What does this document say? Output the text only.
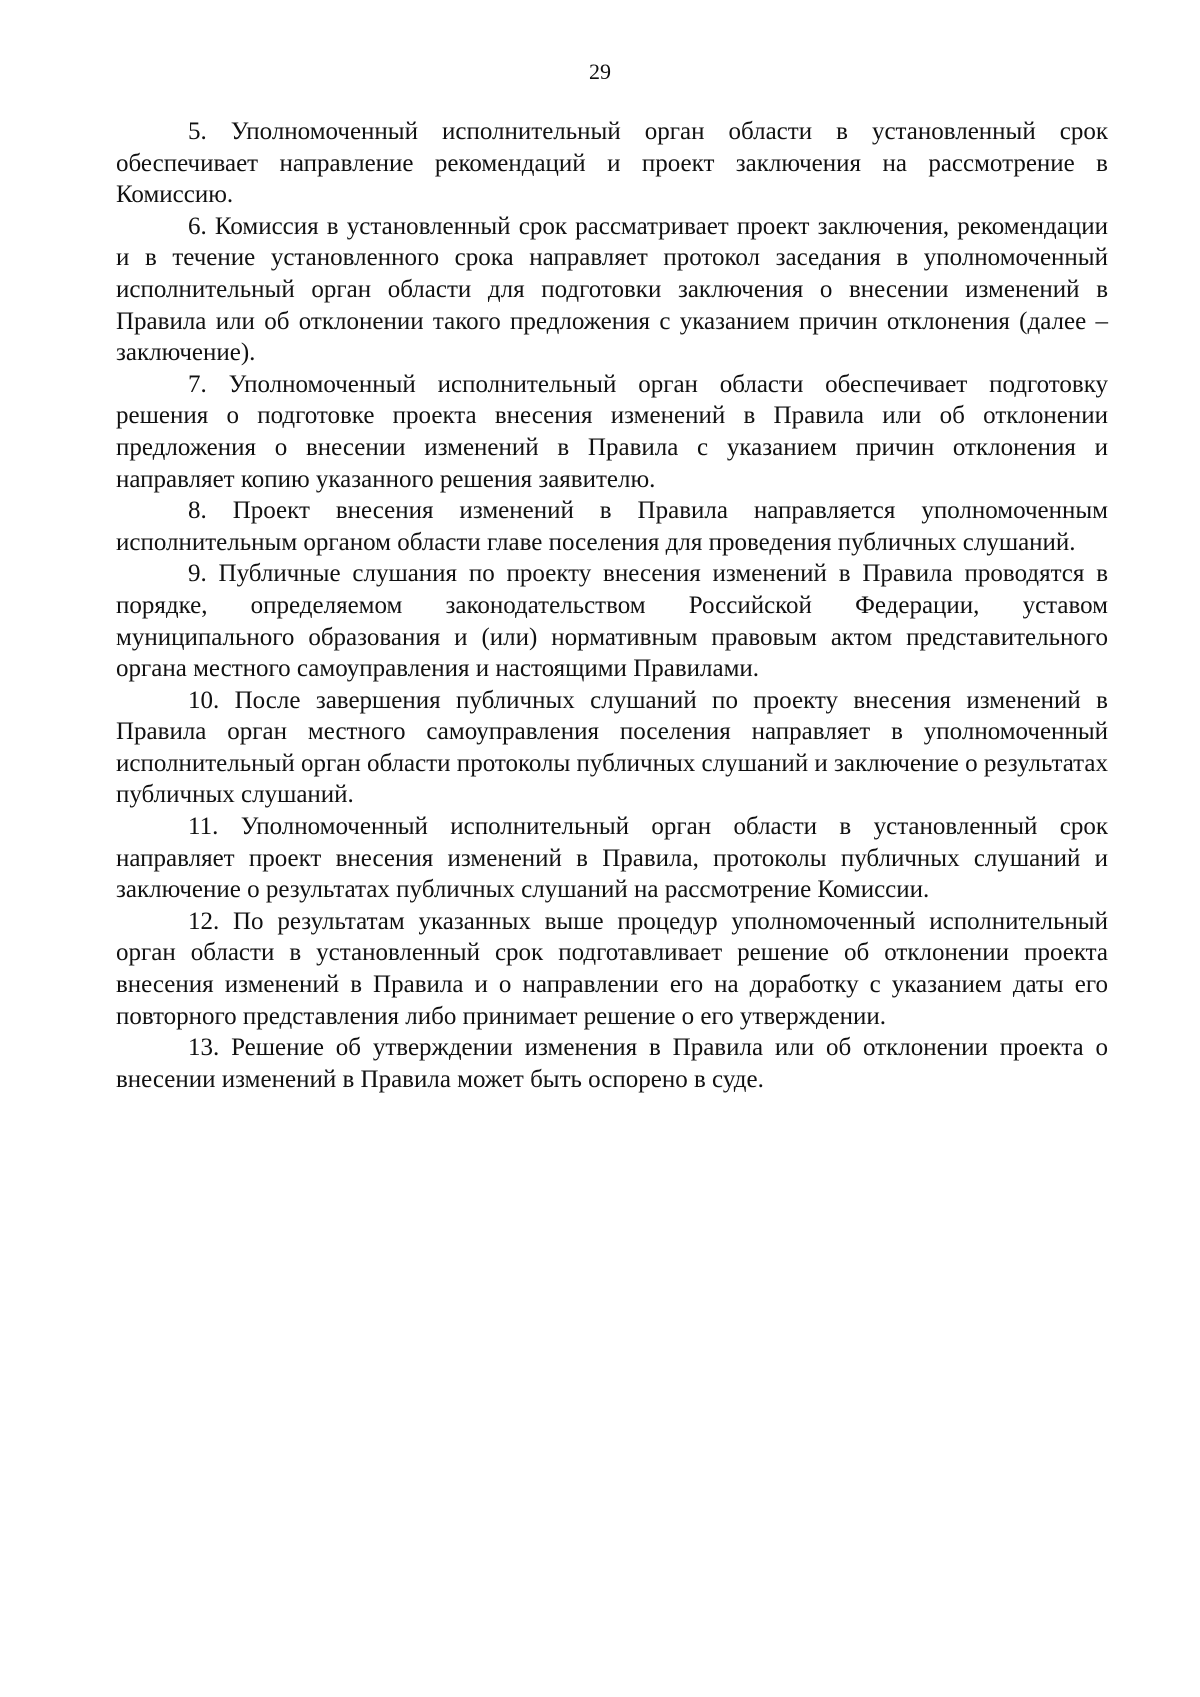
29

5. Уполномоченный исполнительный орган области в установленный срок обеспечивает направление рекомендаций и проект заключения на рассмотрение в Комиссию.

6. Комиссия в установленный срок рассматривает проект заключения, рекомендации и в течение установленного срока направляет протокол заседания в уполномоченный исполнительный орган области для подготовки заключения о внесении изменений в Правила или об отклонении такого предложения с указанием причин отклонения (далее – заключение).

7. Уполномоченный исполнительный орган области обеспечивает подготовку решения о подготовке проекта внесения изменений в Правила или об отклонении предложения о внесении изменений в Правила с указанием причин отклонения и направляет копию указанного решения заявителю.

8. Проект внесения изменений в Правила направляется уполномоченным исполнительным органом области главе поселения для проведения публичных слушаний.

9. Публичные слушания по проекту внесения изменений в Правила проводятся в порядке, определяемом законодательством Российской Федерации, уставом муниципального образования и (или) нормативным правовым актом представительного органа местного самоуправления и настоящими Правилами.

10. После завершения публичных слушаний по проекту внесения изменений в Правила орган местного самоуправления поселения направляет в уполномоченный исполнительный орган области протоколы публичных слушаний и заключение о результатах публичных слушаний.

11. Уполномоченный исполнительный орган области в установленный срок направляет проект внесения изменений в Правила, протоколы публичных слушаний и заключение о результатах публичных слушаний на рассмотрение Комиссии.

12. По результатам указанных выше процедур уполномоченный исполнительный орган области в установленный срок подготавливает решение об отклонении проекта внесения изменений в Правила и о направлении его на доработку с указанием даты его повторного представления либо принимает решение о его утверждении.

13. Решение об утверждении изменения в Правила или об отклонении проекта о внесении изменений в Правила может быть оспорено в суде.
